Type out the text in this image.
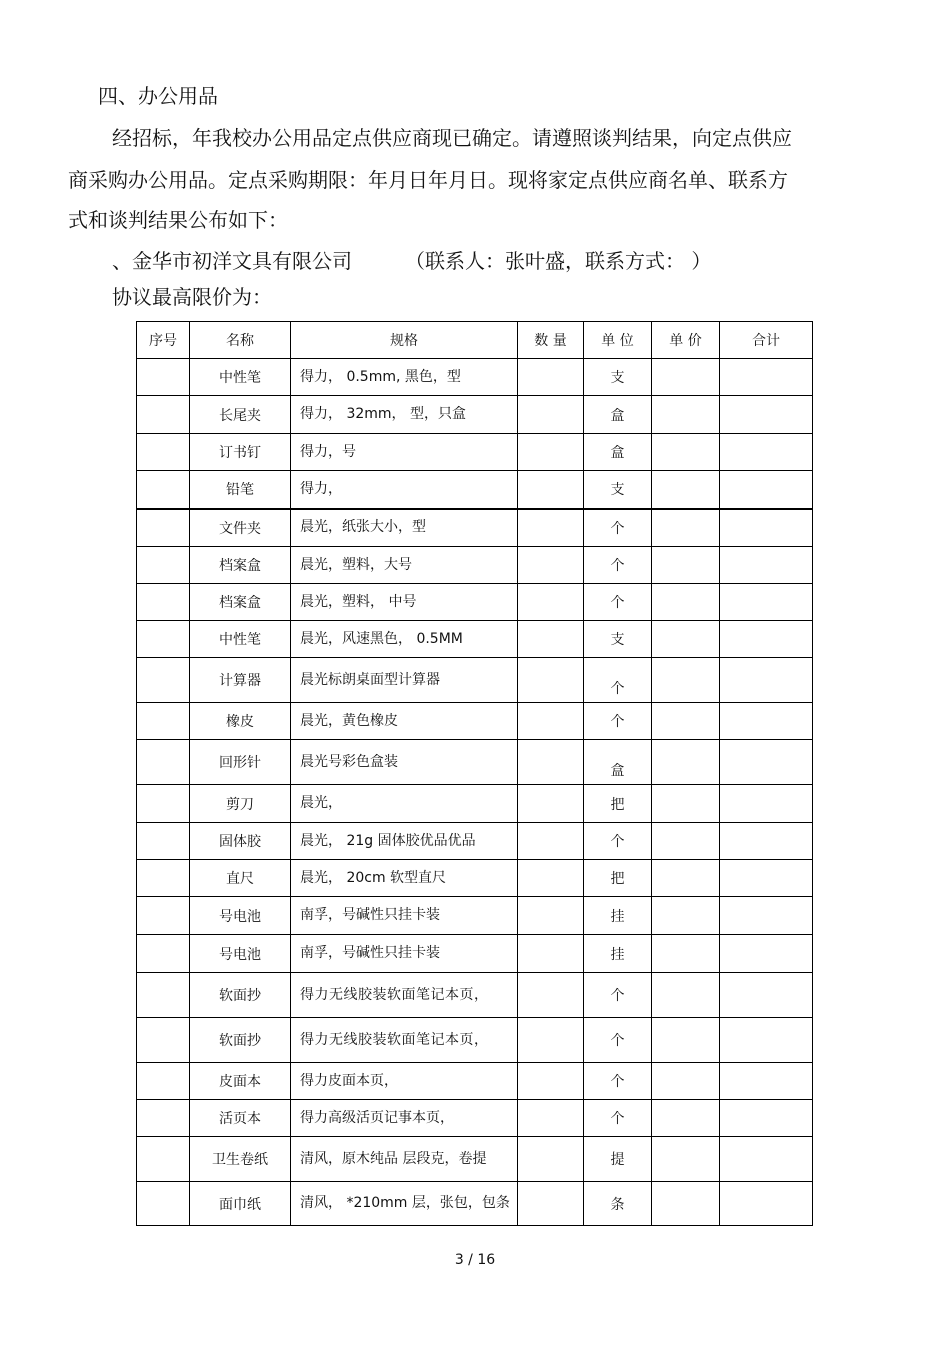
四、办公用品
经招标，年我校办公用品定点供应商现已确定。请遵照谈判结果，向定点供应
商采购办公用品。定点采购期限：年月日年月日。现将家定点供应商名单、联系方
式和谈判结果公布如下：
、金华市初洋文具有限公司	（联系人：张叶盛，联系方式： ）
协议最高限价为：
序号	名称	规格	数 量	单 位	单 价	合计
	中性笔	得力， 0.5mm, 黑色，型		支		
	长尾夹	得力， 32mm， 型，只盒		盒		
	订书钉	得力，号		盒		
	铅笔	得力，		支		
	文件夹	晨光，纸张大小，型		个		
	档案盒	晨光，塑料，大号		个		
	档案盒	晨光，塑料， 中号		个		
	中性笔	晨光，风速黑色， 0.5MM		支		
	计算器	晨光标朗桌面型计算器		个		
	橡皮	晨光，黄色橡皮		个		
	回形针	晨光号彩色盒装		盒		
	剪刀	晨光，		把		
	固体胶	晨光， 21g 固体胶优品优品		个		
	直尺	晨光， 20cm 软型直尺		把		
	号电池	南孚，号碱性只挂卡装		挂		
	号电池	南孚，号碱性只挂卡装		挂		
	软面抄	得力无线胶装软面笔记本页，		个		
	软面抄	得力无线胶装软面笔记本页，		个		
	皮面本	得力皮面本页，		个		
	活页本	得力高级活页记事本页，		个		
	卫生卷纸	清风，原木纯品 层段克，卷提		提		
	面巾纸	清风， *210mm 层，张包，包条		条		
3 / 16
